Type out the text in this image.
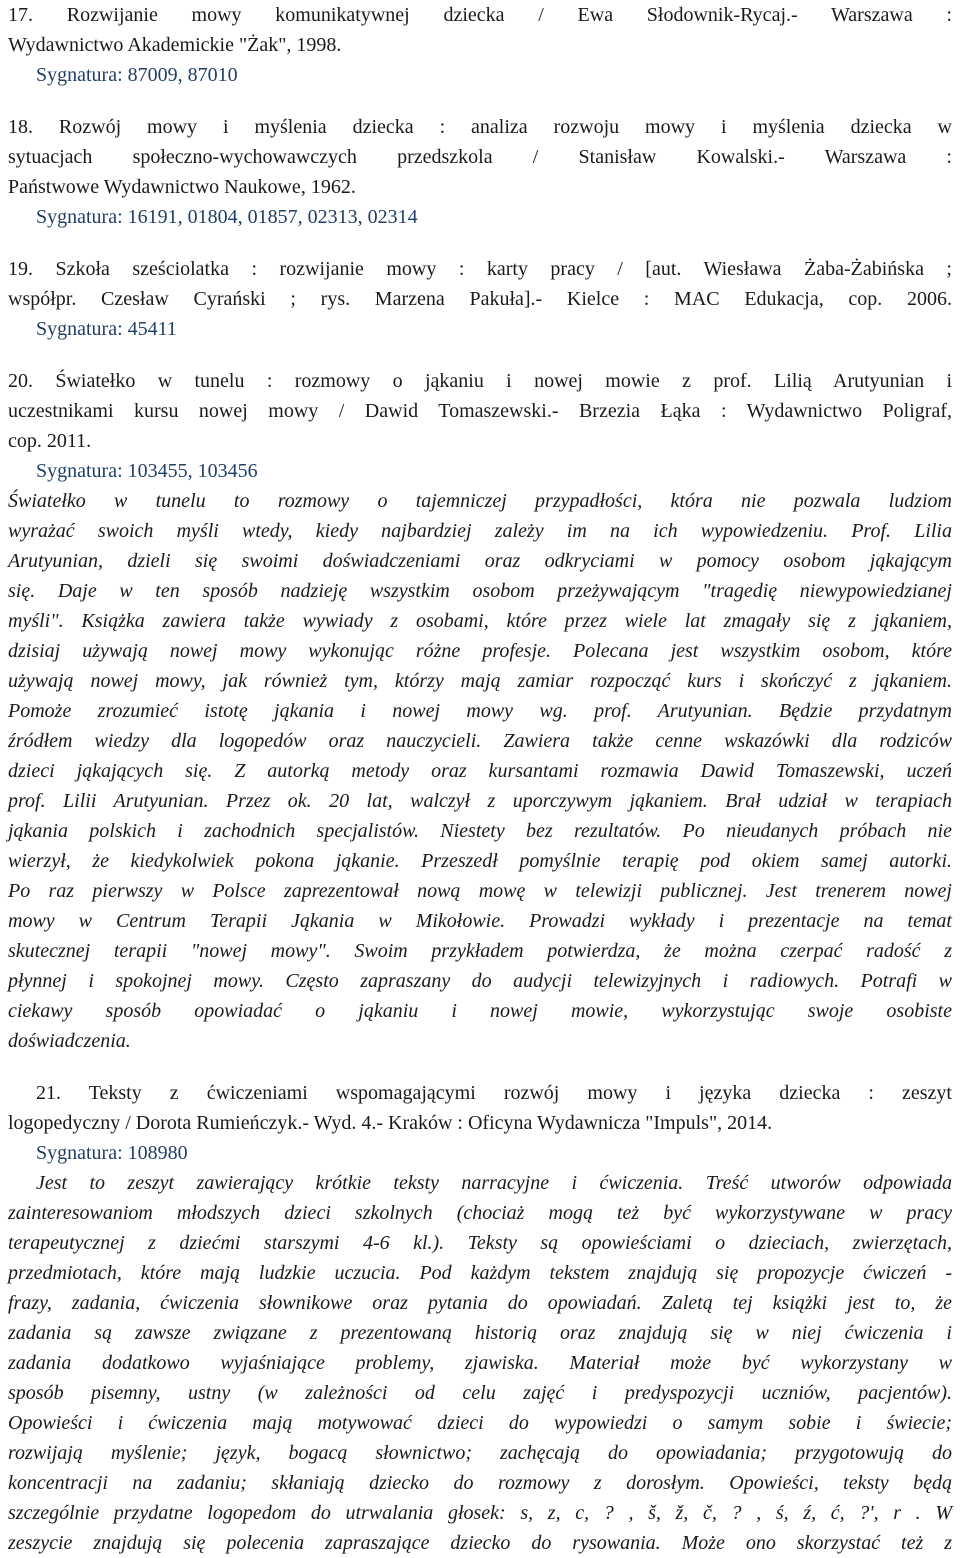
17. Rozwijanie mowy komunikatywnej dziecka / Ewa Słodownik-Rycaj.- Warszawa :
Wydawnictwo Akademickie "Żak", 1998.
Sygnatura: 87009, 87010
18. Rozwój mowy i myślenia dziecka : analiza rozwoju mowy i myślenia dziecka w
sytuacjach społeczno-wychowawczych przedszkola / Stanisław Kowalski.- Warszawa :
Państwowe Wydawnictwo Naukowe, 1962.
Sygnatura: 16191, 01804, 01857, 02313, 02314
19. Szkoła sześciolatka : rozwijanie mowy : karty pracy / [aut. Wiesława Żaba-Żabińska ;
współpr. Czesław Cyrański ; rys. Marzena Pakuła].- Kielce : MAC Edukacja, cop. 2006.
Sygnatura: 45411
20. Światełko w tunelu : rozmowy o jąkaniu i nowej mowie z prof. Lilią Arutyunian i
uczestnikami kursu nowej mowy / Dawid Tomaszewski.- Brzezia Łąka : Wydawnictwo Poligraf,
cop. 2011.
Sygnatura: 103455, 103456
Światełko w tunelu to rozmowy o tajemniczej przypadłości, która nie pozwala ludziom
wyrażać swoich myśli wtedy, kiedy najbardziej zależy im na ich wypowiedzeniu. Prof. Lilia
Arutyunian, dzieli się swoimi doświadczeniami oraz odkryciami w pomocy osobom jąkającym
się. Daje w ten sposób nadzieję wszystkim osobom przeżywającym "tragedię niewypowiedzianej
myśli". Książka zawiera także wywiady z osobami, które przez wiele lat zmagały się z jąkaniem,
dzisiaj używają nowej mowy wykonując różne profesje. Polecana jest wszystkim osobom, które
używają nowej mowy, jak również tym, którzy mają zamiar rozpocząć kurs i skończyć z jąkaniem.
Pomoże zrozumieć istotę jąkania i nowej mowy wg. prof. Arutyunian. Będzie przydatnym
źródłem wiedzy dla logopedów oraz nauczycieli. Zawiera także cenne wskazówki dla rodziców
dzieci jąkających się. Z autorką metody oraz kursantami rozmawia Dawid Tomaszewski, uczeń
prof. Lilii Arutyunian. Przez ok. 20 lat, walczył z uporczywym jąkaniem. Brał udział w terapiach
jąkania polskich i zachodnich specjalistów. Niestety bez rezultatów. Po nieudanych próbach nie
wierzył, że kiedykolwiek pokona jąkanie. Przeszedł pomyślnie terapię pod okiem samej autorki.
Po raz pierwszy w Polsce zaprezentował nową mowę w telewizji publicznej. Jest trenerem nowej
mowy w Centrum Terapii Jąkania w Mikołowie. Prowadzi wykłady i prezentacje na temat
skutecznej terapii "nowej mowy". Swoim przykładem potwierdza, że można czerpać radość z
płynnej i spokojnej mowy. Często zapraszany do audycji telewizyjnych i radiowych. Potrafi w
ciekawy sposób opowiadać o jąkaniu i nowej mowie, wykorzystując swoje osobiste
doświadczenia.
21. Teksty z ćwiczeniami wspomagającymi rozwój mowy i języka dziecka : zeszyt
logopedyczny / Dorota Rumieńczyk.- Wyd. 4.- Kraków : Oficyna Wydawnicza "Impuls", 2014.
Sygnatura: 108980
Jest to zeszyt zawierający krótkie teksty narracyjne i ćwiczenia. Treść utworów odpowiada
zainteresowaniom młodszych dzieci szkolnych (chociaż mogą też być wykorzystywane w pracy
terapeutycznej z dziećmi starszymi 4-6 kl.). Teksty są opowieściami o dzieciach, zwierzętach,
przedmiotach, które mają ludzkie uczucia. Pod każdym tekstem znajdują się propozycje ćwiczeń -
frazy, zadania, ćwiczenia słownikowe oraz pytania do opowiadań. Zaletą tej książki jest to, że
zadania są zawsze związane z prezentowaną historią oraz znajdują się w niej ćwiczenia i
zadania dodatkowo wyjaśniające problemy, zjawiska. Materiał może być wykorzystany w
sposób pisemny, ustny (w zależności od celu zajęć i predyspozycji uczniów, pacjentów).
Opowieści i ćwiczenia mają motywować dzieci do wypowiedzi o samym sobie i świecie;
rozwijają myślenie; język, bogacą słownictwo; zachęcają do opowiadania; przygotowują do
koncentracji na zadaniu; skłaniają dziecko do rozmowy z dorosłym. Opowieści, teksty będą
szczególnie przydatne logopedom do utrwalania głosek: s, z, c, ? , š, ž, č, ? , ś, ź, ć, ?', r . W
zeszycie znajdują się polecenia zapraszające dziecko do rysowania. Może ono skorzystać też z
